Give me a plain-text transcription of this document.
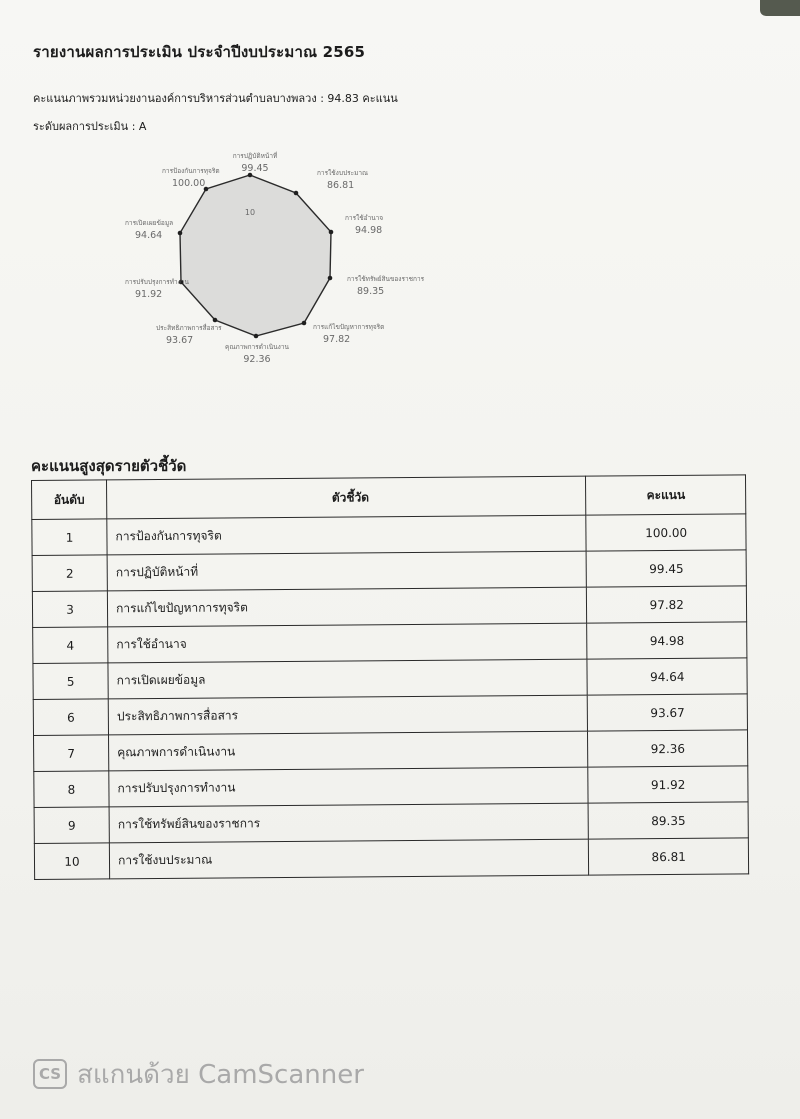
รายงานผลการประเมิน ประจำปีงบประมาณ 2565
คะแนนภาพรวมหน่วยงานองค์การบริหารส่วนตำบลบางพลวง : 94.83 คะแนน
ระดับผลการประเมิน : A
10
การปฏิบัติหน้าที่
99.45	การใช้งบประมาณ
86.81
การใช้อำนาจ
94.98
การใช้ทรัพย์สินของราชการ
89.35
การแก้ไขปัญหาการทุจริต
97.82
คุณภาพการดำเนินงาน
92.36
ประสิทธิภาพการสื่อสาร
93.67
การปรับปรุงการทำงาน
91.92
การเปิดเผยข้อมูล
94.64
การป้องกันการทุจริต
100.00
คะแนนสูงสุดรายตัวชี้วัด
อันดับ	ตัวชี้วัด	คะแนน
1	การป้องกันการทุจริต	100.00
2	การปฏิบัติหน้าที่	99.45
3	การแก้ไขปัญหาการทุจริต	97.82
4	การใช้อำนาจ	94.98
5	การเปิดเผยข้อมูล	94.64
6	ประสิทธิภาพการสื่อสาร	93.67
7	คุณภาพการดำเนินงาน	92.36
8	การปรับปรุงการทำงาน	91.92
9	การใช้ทรัพย์สินของราชการ	89.35
10	การใช้งบประมาณ	86.81
CS สแกนด้วย CamScanner
